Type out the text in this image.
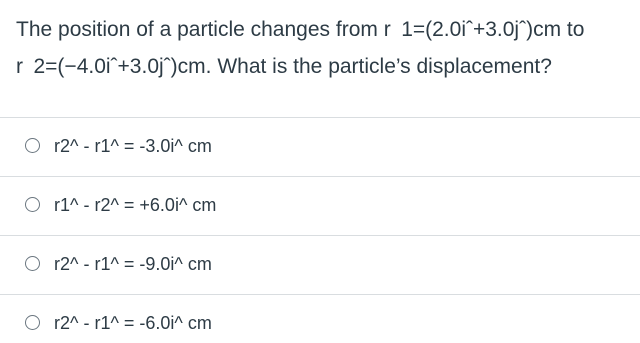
The position of a particle changes from r 1=(2.0iˆ+3.0jˆ)cm to
r 2=(−4.0iˆ+3.0jˆ)cm. What is the particle’s displacement?
r2^ - r1^ = -3.0i^ cm
r1^ - r2^ = +6.0i^ cm
r2^ - r1^ = -9.0i^ cm
r2^ - r1^ = -6.0i^ cm
